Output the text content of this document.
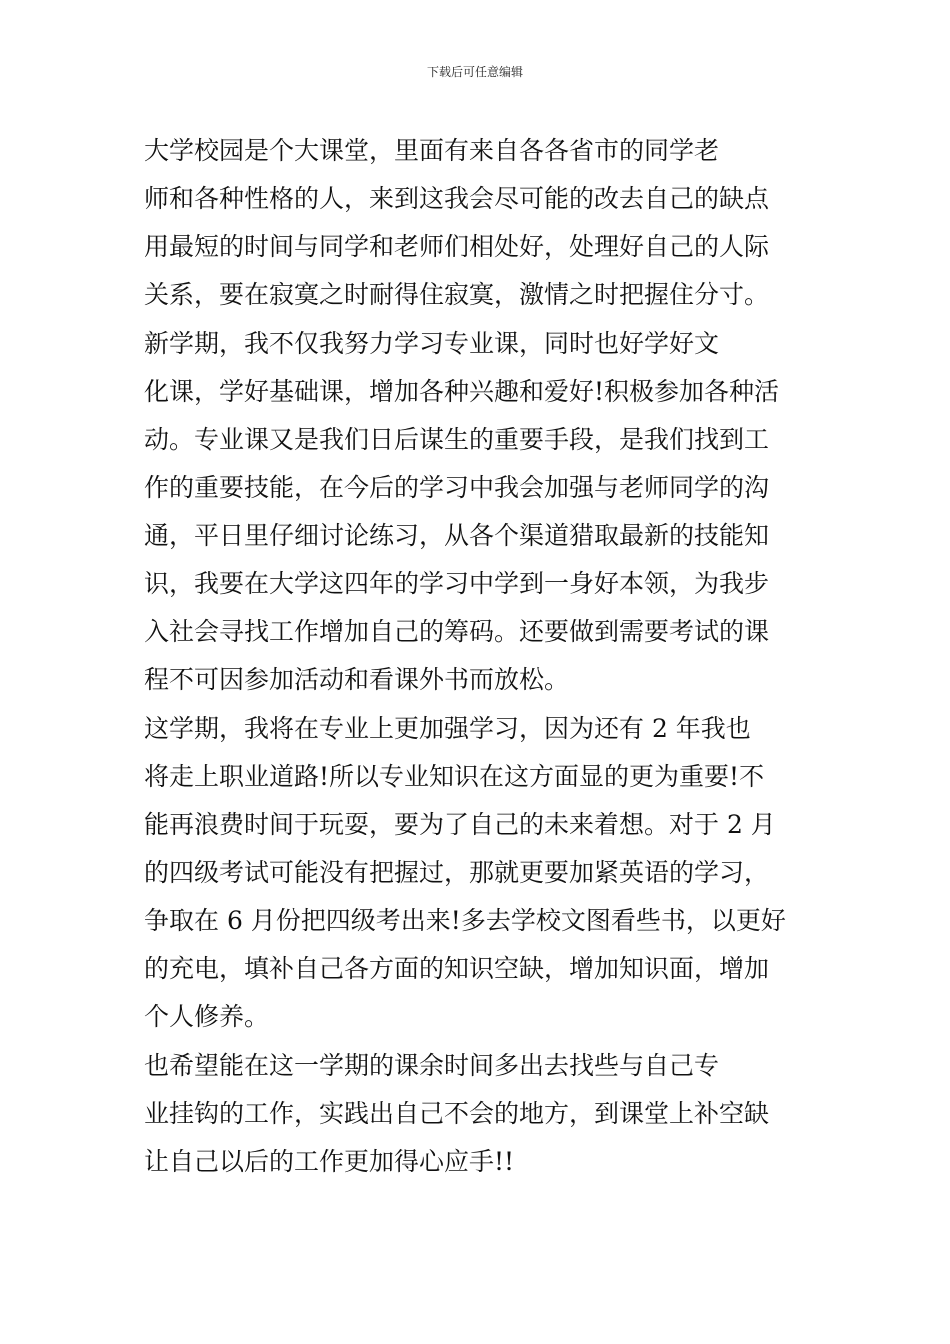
下载后可任意编辑
大学校园是个大课堂，里面有来自各各省市的同学老
师和各种性格的人，来到这我会尽可能的改去自己的缺点
用最短的时间与同学和老师们相处好，处理好自己的人际
关系，要在寂寞之时耐得住寂寞，激情之时把握住分寸。
新学期，我不仅我努力学习专业课，同时也好学好文
化课，学好基础课，增加各种兴趣和爱好!积极参加各种活
动。专业课又是我们日后谋生的重要手段，是我们找到工
作的重要技能，在今后的学习中我会加强与老师同学的沟
通，平日里仔细讨论练习，从各个渠道猎取最新的技能知
识，我要在大学这四年的学习中学到一身好本领，为我步
入社会寻找工作增加自己的筹码。还要做到需要考试的课
程不可因参加活动和看课外书而放松。
这学期，我将在专业上更加强学习，因为还有 2 年我也
将走上职业道路!所以专业知识在这方面显的更为重要!不
能再浪费时间于玩耍，要为了自己的未来着想。对于 2 月
的四级考试可能没有把握过，那就更要加紧英语的学习，
争取在 6 月份把四级考出来!多去学校文图看些书，以更好
的充电，填补自己各方面的知识空缺，增加知识面，增加
个人修养。
也希望能在这一学期的课余时间多出去找些与自己专
业挂钩的工作，实践出自己不会的地方，到课堂上补空缺
让自己以后的工作更加得心应手!!
